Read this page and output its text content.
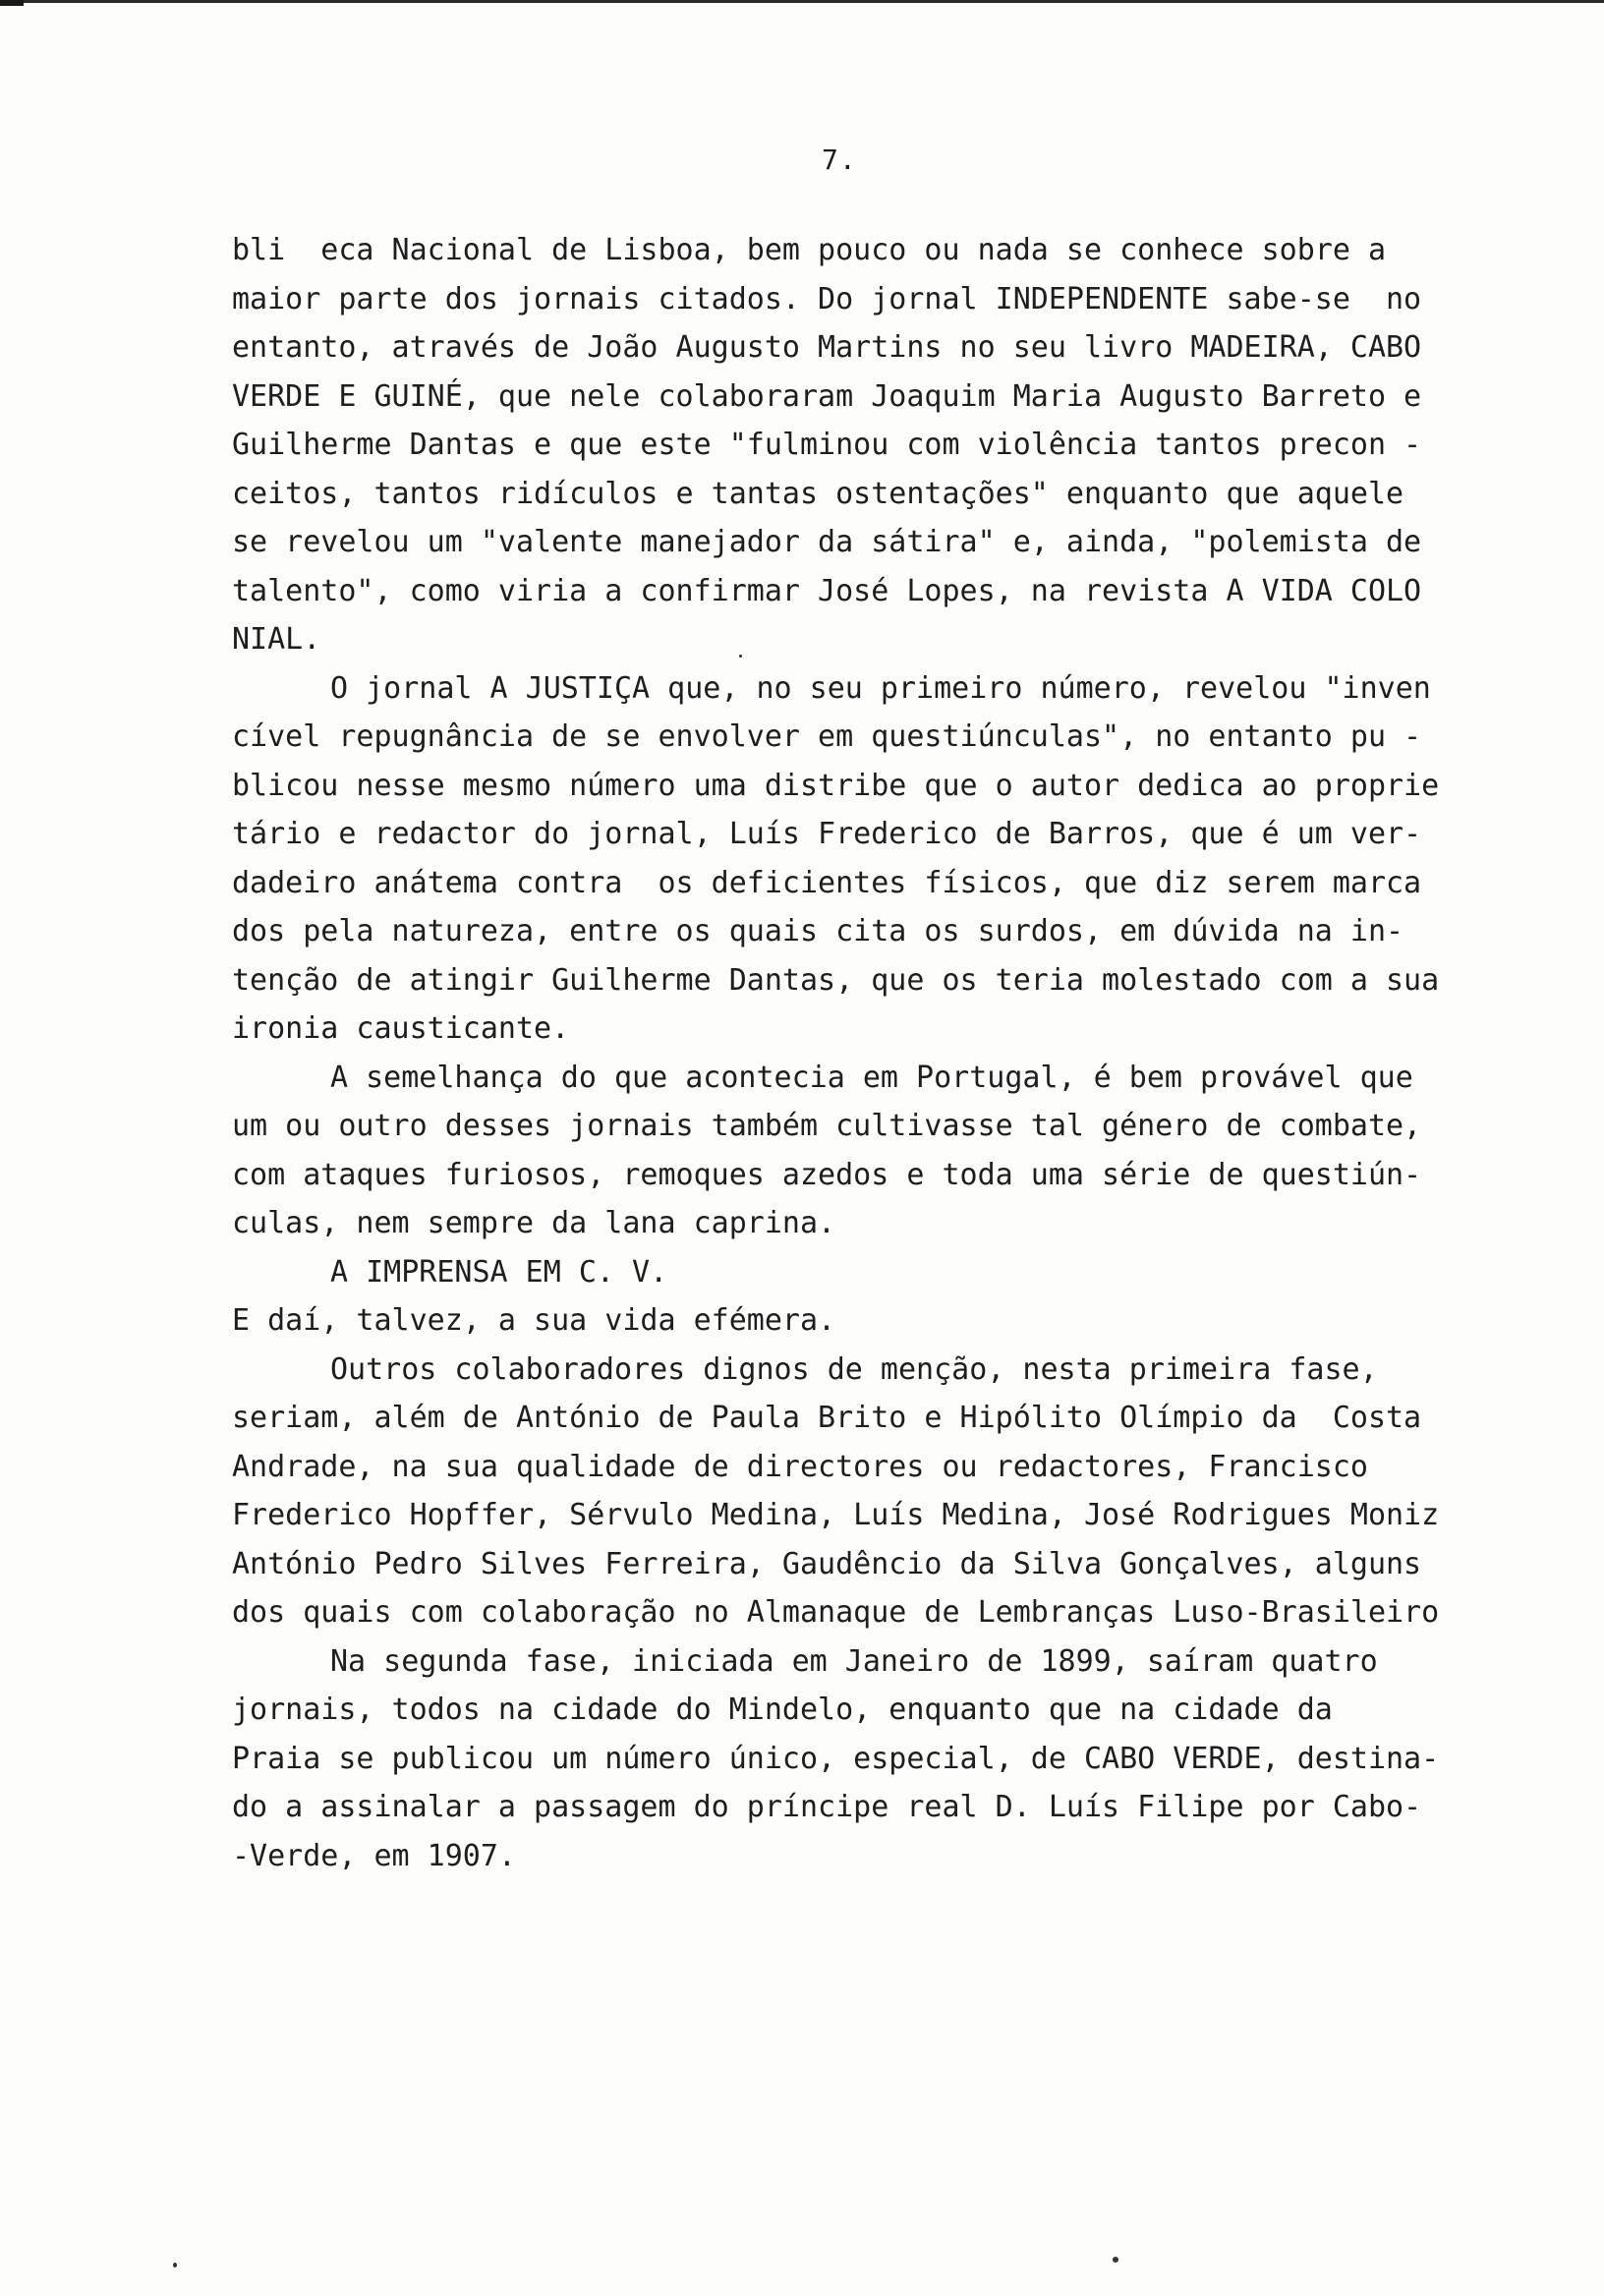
7.

bli  eca Nacional de Lisboa, bem pouco ou nada se conhece sobre a

maior parte dos jornais citados. Do jornal INDEPENDENTE sabe-se  no

entanto, através de João Augusto Martins no seu livro MADEIRA, CABO

VERDE E GUINÉ, que nele colaboraram Joaquim Maria Augusto Barreto e

Guilherme Dantas e que este "fulminou com violência tantos precon -

ceitos, tantos ridículos e tantas ostentações" enquanto que aquele

se revelou um "valente manejador da sátira" e, ainda, "polemista de

talento", como viria a confirmar José Lopes, na revista A VIDA COLO

NIAL.

O jornal A JUSTIÇA que, no seu primeiro número, revelou "inven

cível repugnância de se envolver em questiúnculas", no entanto pu -

blicou nesse mesmo número uma distribe que o autor dedica ao proprie

tário e redactor do jornal, Luís Frederico de Barros, que é um ver-

dadeiro anátema contra  os deficientes físicos, que diz serem marca

dos pela natureza, entre os quais cita os surdos, em dúvida na in-

tenção de atingir Guilherme Dantas, que os teria molestado com a sua

ironia causticante.

A semelhança do que acontecia em Portugal, é bem provável que

um ou outro desses jornais também cultivasse tal género de combate,

com ataques furiosos, remoques azedos e toda uma série de questiún-

culas, nem sempre da lana caprina.

A IMPRENSA EM C. V.

E daí, talvez, a sua vida efémera.

Outros colaboradores dignos de menção, nesta primeira fase,

seriam, além de António de Paula Brito e Hipólito Olímpio da  Costa

Andrade, na sua qualidade de directores ou redactores, Francisco

Frederico Hopffer, Sérvulo Medina, Luís Medina, José Rodrigues Moniz

António Pedro Silves Ferreira, Gaudêncio da Silva Gonçalves, alguns

dos quais com colaboração no Almanaque de Lembranças Luso-Brasileiro

Na segunda fase, iniciada em Janeiro de 1899, saíram quatro

jornais, todos na cidade do Mindelo, enquanto que na cidade da

Praia se publicou um número único, especial, de CABO VERDE, destina-

do a assinalar a passagem do príncipe real D. Luís Filipe por Cabo-

-Verde, em 1907.
